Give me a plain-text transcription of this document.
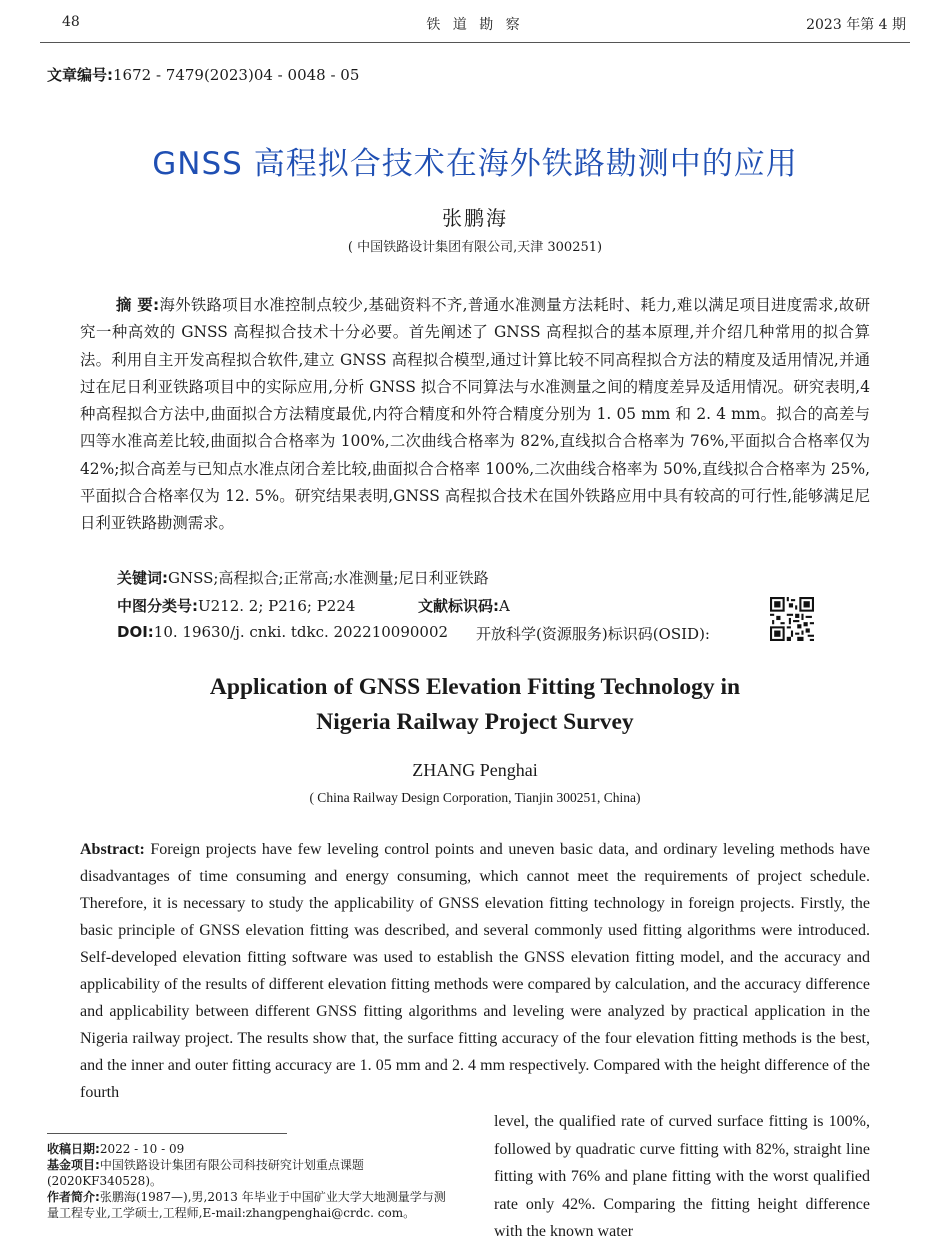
48	铁 道 勘 察	2023 年第 4 期
文章编号:1672 - 7479(2023)04 - 0048 - 05
GNSS 高程拟合技术在海外铁路勘测中的应用
张鹏海
( 中国铁路设计集团有限公司,天津 300251)
摘 要:海外铁路项目水准控制点较少,基础资料不齐,普通水准测量方法耗时、耗力,难以满足项目进度需求,故研究一种高效的 GNSS 高程拟合技术十分必要。首先阐述了 GNSS 高程拟合的基本原理,并介绍几种常用的拟合算法。利用自主开发高程拟合软件,建立 GNSS 高程拟合模型,通过计算比较不同高程拟合方法的精度及适用情况,并通过在尼日利亚铁路项目中的实际应用,分析 GNSS 拟合不同算法与水准测量之间的精度差异及适用情况。研究表明,4 种高程拟合方法中,曲面拟合方法精度最优,内符合精度和外符合精度分别为 1. 05 mm 和 2. 4 mm。拟合的高差与四等水准高差比较,曲面拟合合格率为 100%,二次曲线合格率为 82%,直线拟合合格率为 76%,平面拟合合格率仅为 42%;拟合高差与已知点水准点闭合差比较,曲面拟合合格率 100%,二次曲线合格率为 50%,直线拟合合格率为 25%,平面拟合合格率仅为 12. 5%。研究结果表明,GNSS 高程拟合技术在国外铁路应用中具有较高的可行性,能够满足尼日利亚铁路勘测需求。
关键词:GNSS;高程拟合;正常高;水准测量;尼日利亚铁路
中图分类号:U212. 2; P216; P224	文献标识码:A
DOI:10. 19630/j. cnki. tdkc. 202210090002 开放科学(资源服务)标识码(OSID):
Application of GNSS Elevation Fitting Technology in
Nigeria Railway Project Survey
ZHANG Penghai
( China Railway Design Corporation, Tianjin 300251, China)
Abstract: Foreign projects have few leveling control points and uneven basic data, and ordinary leveling methods have disadvantages of time consuming and energy consuming, which cannot meet the requirements of project schedule. Therefore, it is necessary to study the applicability of GNSS elevation fitting technology in foreign projects. Firstly, the basic principle of GNSS elevation fitting was described, and several commonly used fitting algorithms were introduced. Self-developed elevation fitting software was used to establish the GNSS elevation fitting model, and the accuracy and applicability of the results of different elevation fitting methods were compared by calculation, and the accuracy difference and applicability between different GNSS fitting algorithms and leveling were analyzed by practical application in the Nigeria railway project. The results show that, the surface fitting accuracy of the four elevation fitting methods is the best, and the inner and outer fitting accuracy are 1. 05 mm and 2. 4 mm respectively. Compared with the height difference of the fourth
level, the qualified rate of curved surface fitting is 100%, followed by quadratic curve fitting with 82%, straight line fitting with 76% and plane fitting with the worst qualified rate only 42%. Comparing the fitting height difference with the known water

收稿日期:2022 - 10 - 09

基金项目:中国铁路设计集团有限公司科技研究计划重点课题(2020KF340528)。

作者简介:张鹏海(1987—),男,2013 年毕业于中国矿业大学大地测量学与测量工程专业,工学硕士,工程师,E-mail:zhangpenghai@crdc. com。
